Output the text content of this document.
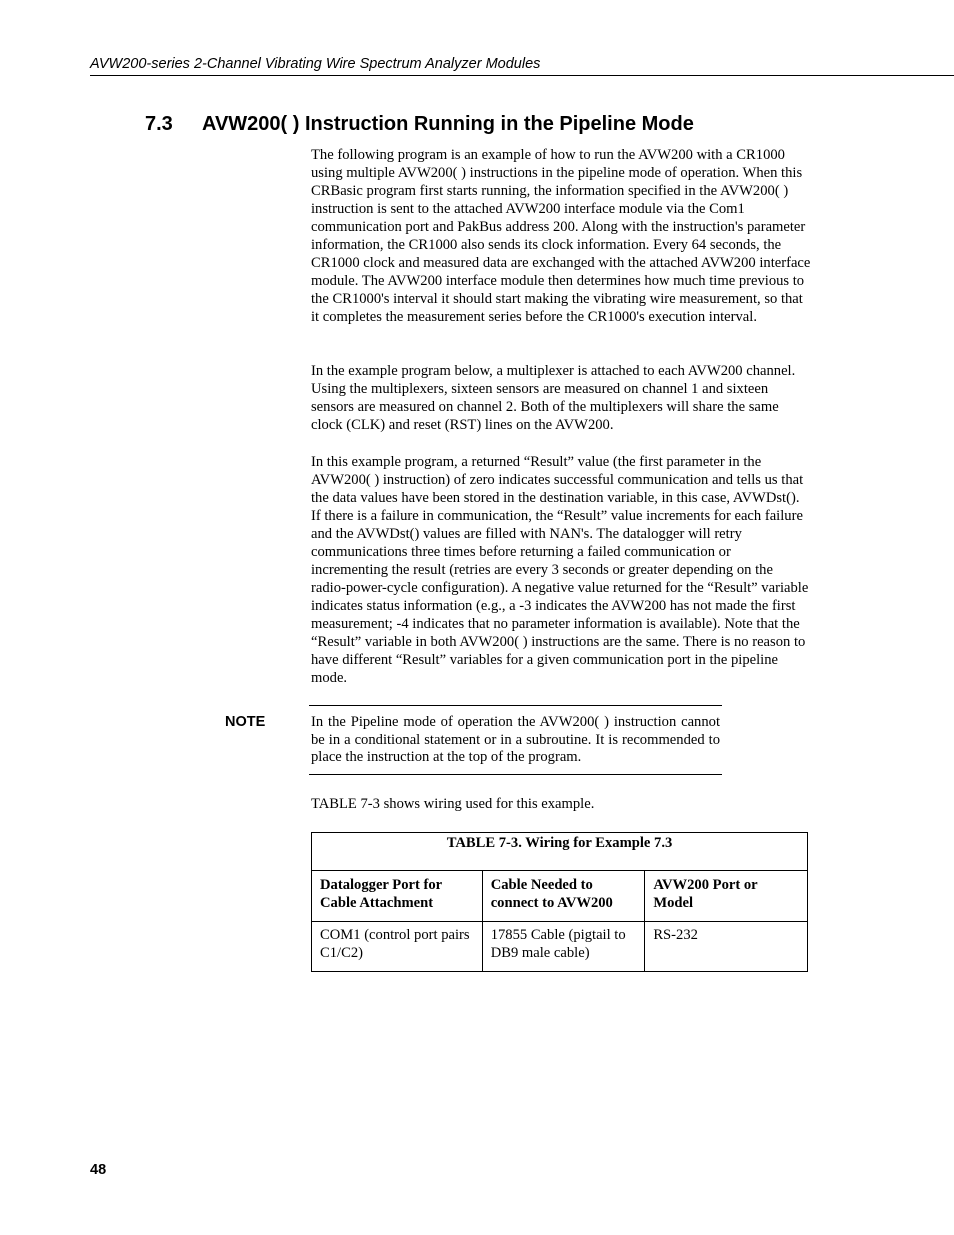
AVW200-series 2-Channel Vibrating Wire Spectrum Analyzer Modules
7.3 AVW200( ) Instruction Running in the Pipeline Mode

The following program is an example of how to run the AVW200 with a CR1000 using multiple AVW200( ) instructions in the pipeline mode of operation. When this CRBasic program first starts running, the information specified in the AVW200( ) instruction is sent to the attached AVW200 interface module via the Com1 communication port and PakBus address 200. Along with the instruction's parameter information, the CR1000 also sends its clock information. Every 64 seconds, the CR1000 clock and measured data are exchanged with the attached AVW200 interface module. The AVW200 interface module then determines how much time previous to the CR1000's interval it should start making the vibrating wire measurement, so that it completes the measurement series before the CR1000's execution interval.

In the example program below, a multiplexer is attached to each AVW200 channel. Using the multiplexers, sixteen sensors are measured on channel 1 and sixteen sensors are measured on channel 2. Both of the multiplexers will share the same clock (CLK) and reset (RST) lines on the AVW200.

In this example program, a returned “Result” value (the first parameter in the AVW200( ) instruction) of zero indicates successful communication and tells us that the data values have been stored in the destination variable, in this case, AVWDst(). If there is a failure in communication, the “Result” value increments for each failure and the AVWDst() values are filled with NAN's. The datalogger will retry communications three times before returning a failed communication or incrementing the result (retries are every 3 seconds or greater depending on the radio-power-cycle configuration). A negative value returned for the “Result” variable indicates status information (e.g., a -3 indicates the AVW200 has not made the first measurement; -4 indicates that no parameter information is available). Note that the “Result” variable in both AVW200( ) instructions are the same. There is no reason to have different “Result” variables for a given communication port in the pipeline mode.

NOTE	In the Pipeline mode of operation the AVW200( ) instruction cannot be in a conditional statement or in a subroutine. It is recommended to place the instruction at the top of the program.

TABLE 7-3 shows wiring used for this example.

TABLE 7-3. Wiring for Example 7.3		
Datalogger Port for Cable Attachment	Cable Needed to connect to AVW200	AVW200 Port or Model
COM1 (control port pairs C1/C2)	17855 Cable (pigtail to DB9 male cable)	RS-232
48
